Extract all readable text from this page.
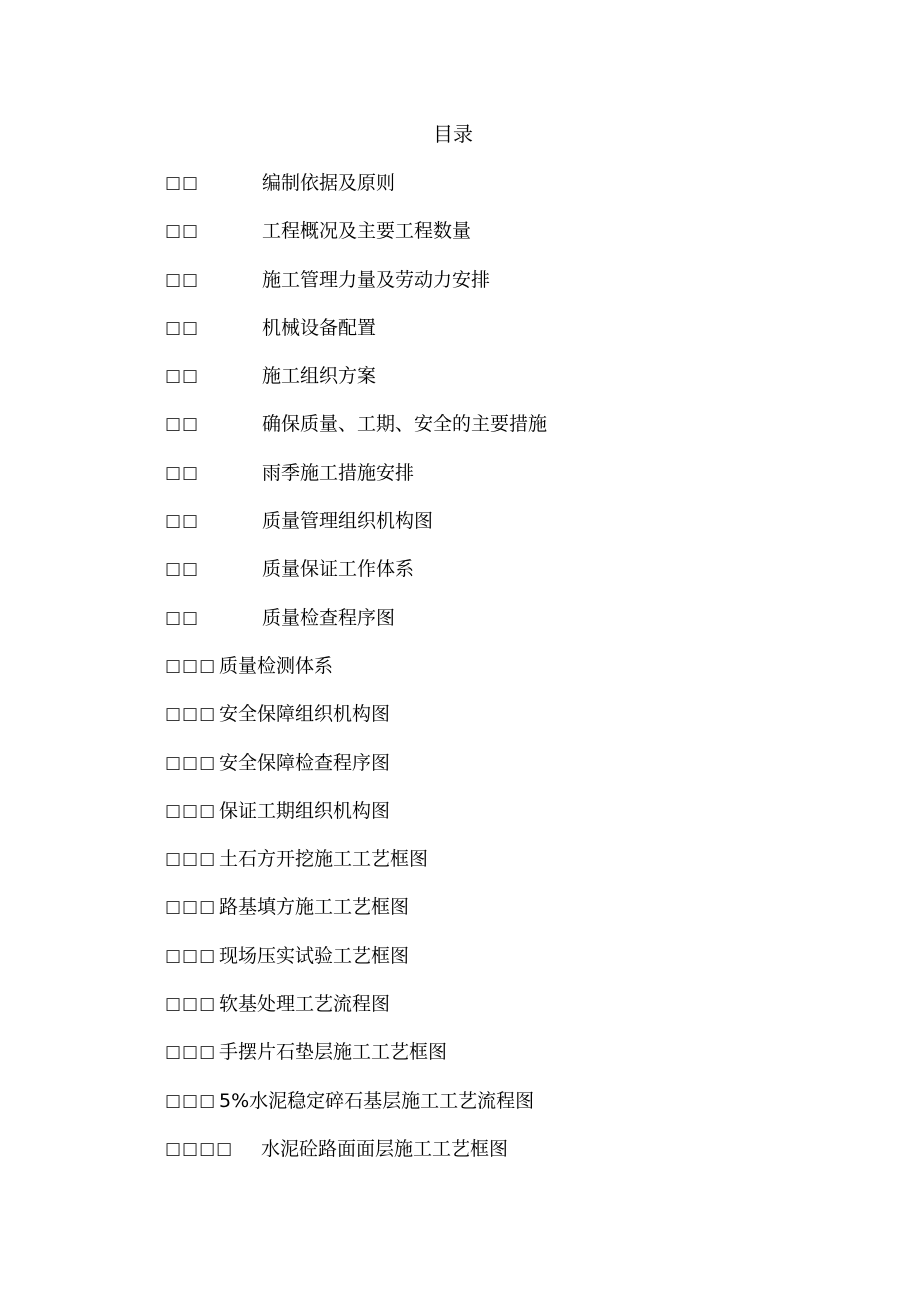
目录
□□	编制依据及原则
□□	工程概况及主要工程数量
□□	施工管理力量及劳动力安排
□□	机械设备配置
□□	施工组织方案
□□	确保质量、工期、安全的主要措施
□□	雨季施工措施安排
□□	质量管理组织机构图
□□	质量保证工作体系
□□	质量检查程序图
□□□ 质量检测体系
□□□ 安全保障组织机构图
□□□ 安全保障检查程序图
□□□ 保证工期组织机构图
□□□ 土石方开挖施工工艺框图
□□□ 路基填方施工工艺框图
□□□ 现场压实试验工艺框图
□□□ 软基处理工艺流程图
□□□ 手摆片石垫层施工工艺框图
□□□ 5%水泥稳定碎石基层施工工艺流程图
□□□□ 水泥砼路面面层施工工艺框图
